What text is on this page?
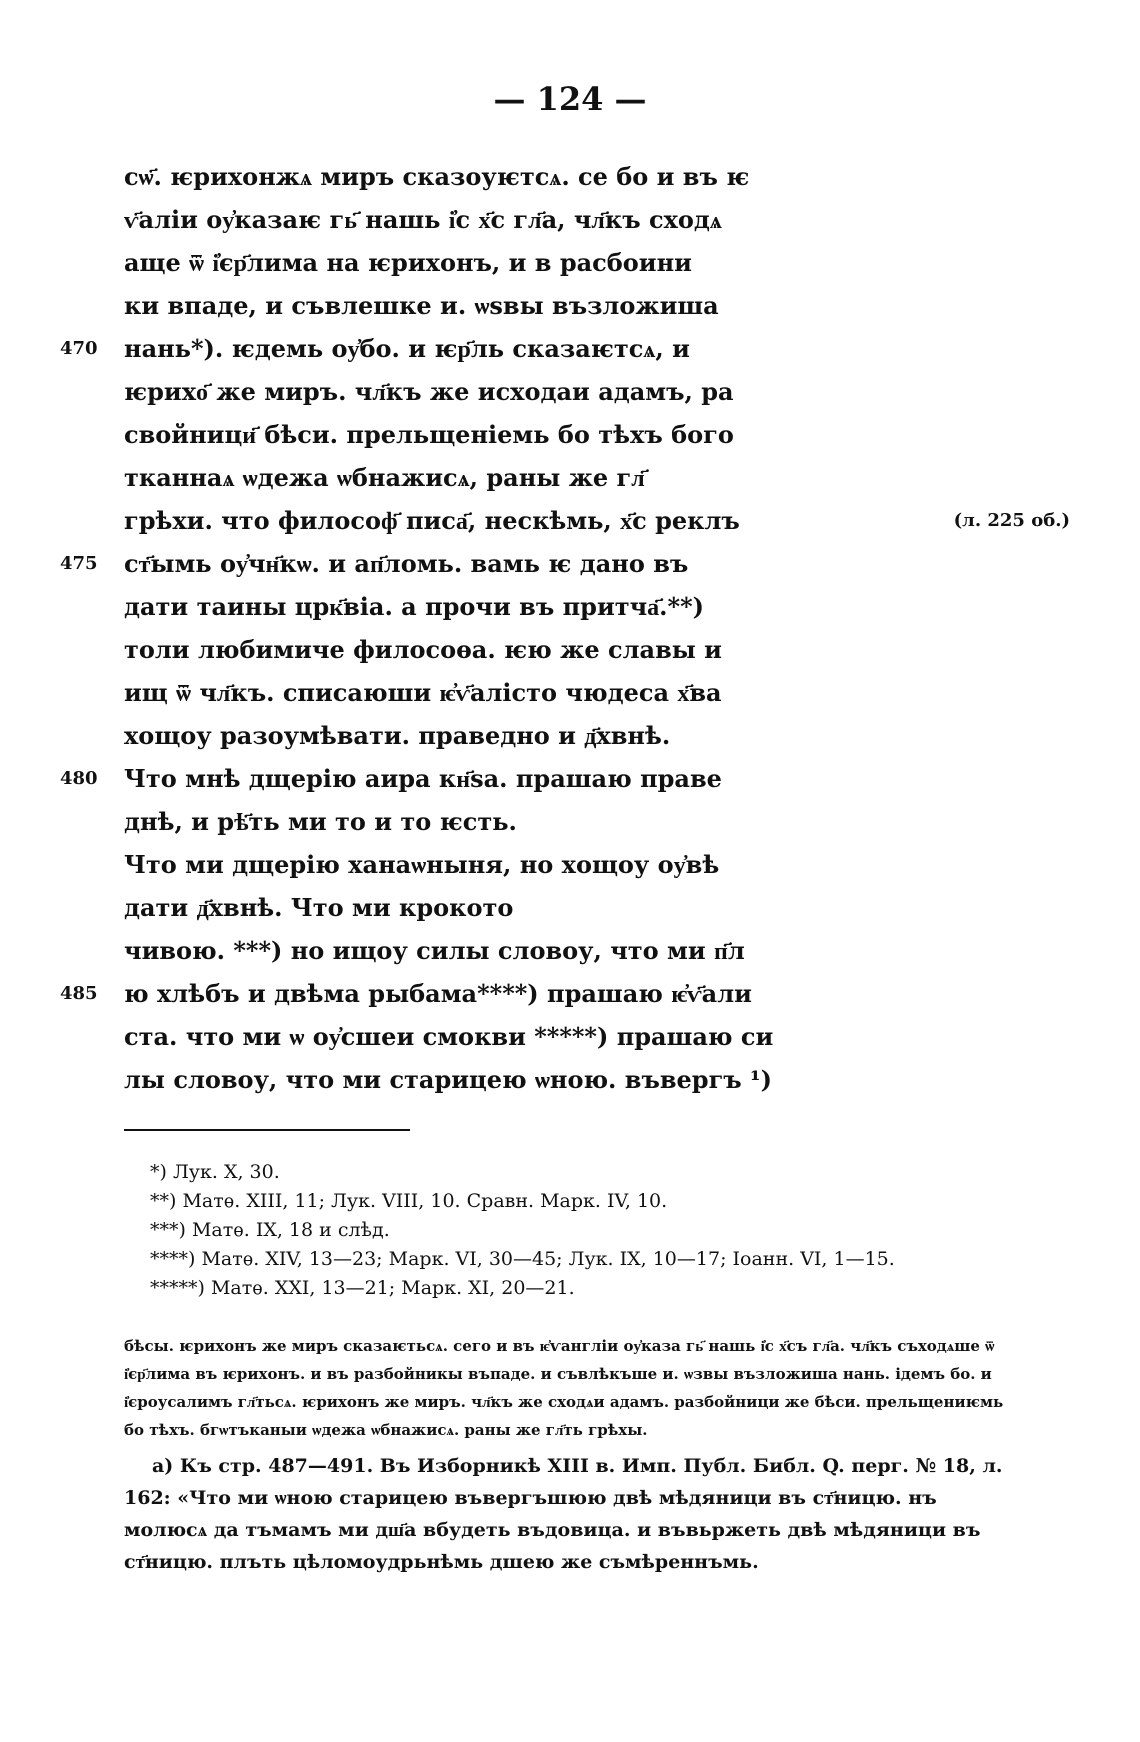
— 124 —
сѡ҃. ѥрихонжѧ миръ сказоуѥтсѧ. се бо и въ ѥ
ѵ҃аліи оу҆казаѥ гь҃ нашь і҆с х҃с гл҃а, чл҃къ сходѧ
аще ѿ і҆єр҃лима на ѥрихонъ, и в расбоини
ки впаде, и съвлешке и. ѡѕвы възложиша
470	нань*). ѥдемь оу҆бо. и ѥр҃ль сказаѥтсѧ, и
ѥрихо҃ же миръ. чл҃къ же исходаи адамъ, ра
свойници҃ бѣси. прельщеніемь бо тѣхъ бого
тканнаѧ ѡдежа ѡбнажисѧ, раны же гл҃
грѣхи. что философ҃ писа҃, нескѣмь, х҃с реклъ	(л. 225 об.)
475	ст҃ымь оу҆чн҃кѡ. и ап҃ломь. вамь ѥ дано въ
дати таины црк҃віа. а прочи въ притча҃.**)
толи любимиче филосоѳа. ѥю же славы и
ищ ѿ чл҃къ. списаюши ѥ҆ѵ҃алісто чюдеса х҃ва
хощоу разоумѣвати. праведно и д҃хвнѣ.
480	Что мнѣ дщерію аира кн҃ѕа. прашаю праве
днѣ, и рѣ҃ть ми то и то ѥсть.
Что ми дщерію ханаѡныня, но хощоу оу҆вѣ
дати д҃хвнѣ. Что ми крокото
чивою. ***) но ищоу силы словоу, что ми п҃л
485	ю хлѣбъ и двѣма рыбама****) прашаю ѥ҆ѵ҃али
ста. что ми ѡ оу҆сшеи смокви *****) прашаю си
лы словоу, что ми старицею ѡною. въвергъ ¹)
*) Лук. X, 30.
**) Матѳ. XIII, 11; Лук. VIII, 10. Сравн. Марк. IV, 10.
***) Матѳ. IX, 18 и слѣд.
****) Матѳ. XIV, 13—23; Марк. VI, 30—45; Лук. IX, 10—17; Іоанн. VI, 1—15.
*****) Матѳ. XXI, 13—21; Марк. XI, 20—21.

бѣсы. ѥрихонъ же миръ сказаѥтьсѧ. сего и въ ѥ҆ѵангліи оу҆каза гь҃ нашь і҆с х҃съ гл҃а. чл҃къ съходѧше ѿ і҆єр҃лима въ ѥрихонъ. и въ разбойникы въпаде. и съвлѣкъше и. ѡзвы възложиша нань. ідемъ бо. и і҆єроусалимъ гл҃тьсѧ. ѥрихонъ же миръ. чл҃къ же сходѧи адамъ. разбойници же бѣси. прельщениѥмь бо тѣхъ. бгѡтъканыи ѡдежа ѡбнажисѧ. раны же гл҃ть грѣхы.

а) Къ стр. 487—491. Въ Изборникѣ XIII в. Имп. Публ. Библ. Q. перг. № 18, л. 162: «Что ми ѡною старицею въвергъшюю двѣ мѣдяници въ ст҃ницю. нъ молюсѧ да тъмамъ ми дш҃а вбудеть въдовица. и въвьржеть двѣ мѣдяници въ ст҃ницю. плъть цѣломоудрьнѣмь дшею же съмѣреннъмь.
